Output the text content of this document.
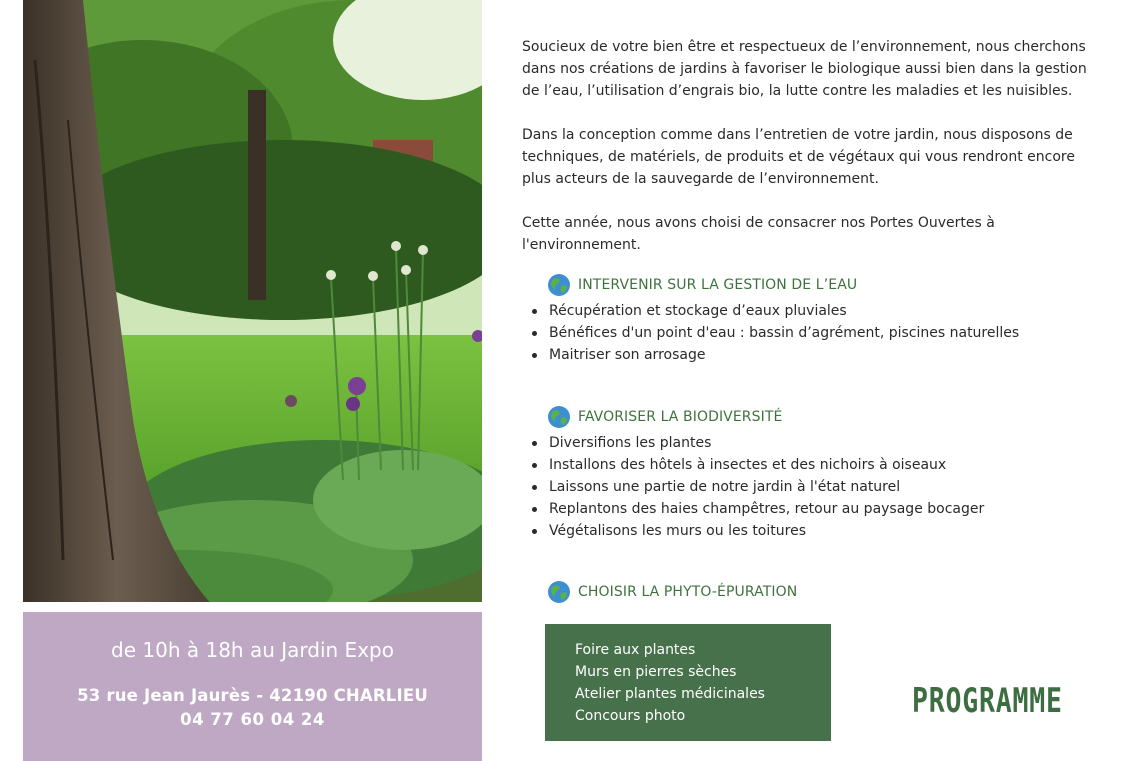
de 10h à 18h au Jardin Expo
53 rue Jean Jaurès - 42190 CHARLIEU
04 77 60 04 24

Soucieux de votre bien être et respectueux de l’environnement, nous cherchons dans nos créations de jardins à favoriser le biologique aussi bien dans la gestion de l’eau, l’utilisation d’engrais bio, la lutte contre les maladies et les nuisibles.

Dans la conception comme dans l’entretien de votre jardin, nous disposons de techniques, de matériels, de produits et de végétaux qui vous rendront encore plus acteurs de la sauvegarde de l’environnement.

Cette année, nous avons choisi de consacrer nos Portes Ouvertes à l'environnement.

INTERVENIR SUR LA GESTION DE L’EAU
Récupération et stockage d’eaux pluviales
Bénéfices d'un point d'eau : bassin d’agrément, piscines naturelles
Maitriser son arrosage
FAVORISER LA BIODIVERSITÉ
Diversifions les plantes
Installons des hôtels à insectes et des nichoirs à oiseaux
Laissons une partie de notre jardin à l'état naturel
Replantons des haies champêtres, retour au paysage bocager
Végétalisons les murs ou les toitures
CHOISIR LA PHYTO-ÉPURATION
Foire aux plantes
Murs en pierres sèches
Atelier plantes médicinales
Concours photo	PROGRAMME
